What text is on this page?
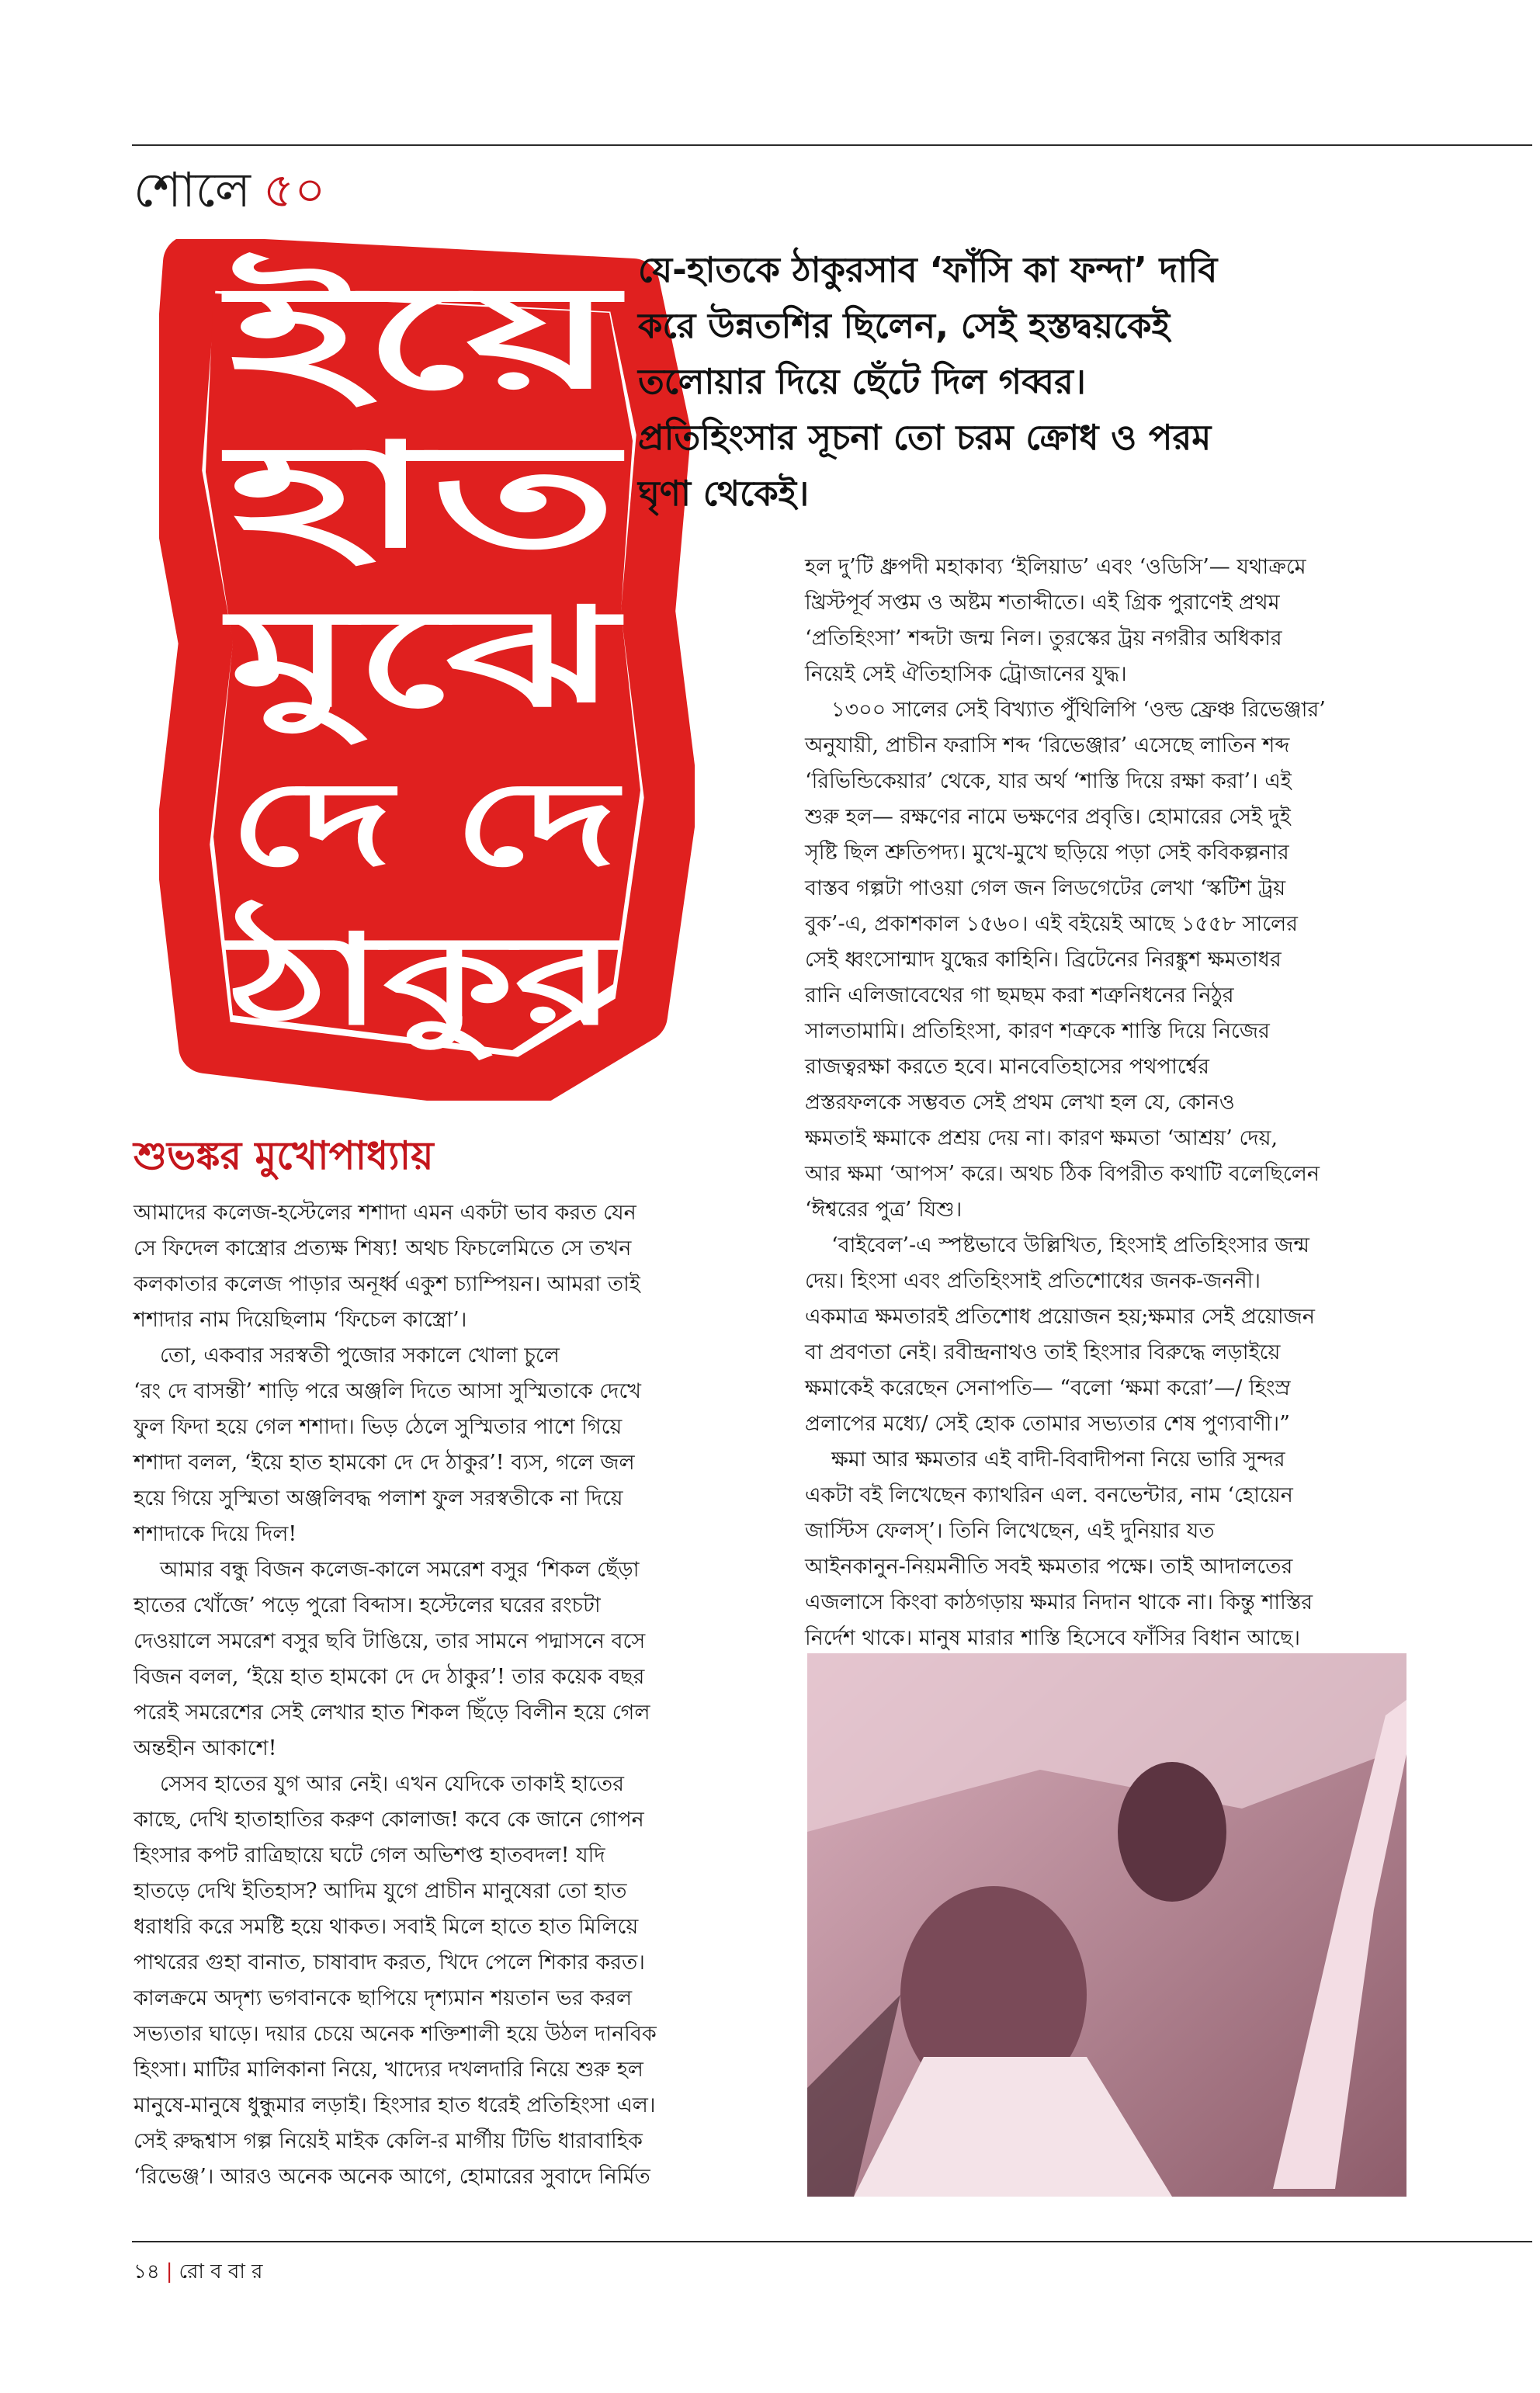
শোলে ৫০
ইয়ে
হাত
মুঝে
দে দে
ঠাকুর

যে-হাতকে ঠাকুরসাব ‘ফাঁসি কা ফন্দা’ দাবি

করে উন্নতশির ছিলেন, সেই হস্তদ্বয়কেই

তলোয়ার দিয়ে ছেঁটে দিল গব্বর।

প্রতিহিংসার সূচনা তো চরম ক্রোধ ও পরম

ঘৃণা থেকেই।

শুভঙ্কর মুখোপাধ্যায়

আমাদের কলেজ-হস্টেলের শশাদা এমন একটা ভাব করত যেন

সে ফিদেল কাস্ত্রোর প্রত্যক্ষ শিষ্য! অথচ ফিচলেমিতে সে তখন

কলকাতার কলেজ পাড়ার অনূর্ধ্ব একুশ চ্যাম্পিয়ন। আমরা তাই

শশাদার নাম দিয়েছিলাম ‘ফিচেল কাস্ত্রো’।

তো, একবার সরস্বতী পুজোর সকালে খোলা চুলে

‘রং দে বাসন্তী’ শাড়ি পরে অঞ্জলি দিতে আসা সুস্মিতাকে দেখে

ফুল ফিদা হয়ে গেল শশাদা। ভিড় ঠেলে সুস্মিতার পাশে গিয়ে

শশাদা বলল, ‘ইয়ে হাত হামকো দে দে ঠাকুর’! ব্যস, গলে জল

হয়ে গিয়ে সুস্মিতা অঞ্জলিবদ্ধ পলাশ ফুল সরস্বতীকে না দিয়ে

শশাদাকে দিয়ে দিল!

আমার বন্ধু বিজন কলেজ-কালে সমরেশ বসুর ‘শিকল ছেঁড়া

হাতের খোঁজে’ পড়ে পুরো বিব্দাস। হস্টেলের ঘরের রংচটা

দেওয়ালে সমরেশ বসুর ছবি টাঙিয়ে, তার সামনে পদ্মাসনে বসে

বিজন বলল, ‘ইয়ে হাত হামকো দে দে ঠাকুর’! তার কয়েক বছর

পরেই সমরেশের সেই লেখার হাত শিকল ছিঁড়ে বিলীন হয়ে গেল

অন্তহীন আকাশে!

সেসব হাতের যুগ আর নেই। এখন যেদিকে তাকাই হাতের

কাছে, দেখি হাতাহাতির করুণ কোলাজ! কবে কে জানে গোপন

হিংসার কপট রাত্রিছায়ে ঘটে গেল অভিশপ্ত হাতবদল! যদি

হাতড়ে দেখি ইতিহাস? আদিম যুগে প্রাচীন মানুষেরা তো হাত

ধরাধরি করে সমষ্টি হয়ে থাকত। সবাই মিলে হাতে হাত মিলিয়ে

পাথরের গুহা বানাত, চাষাবাদ করত, খিদে পেলে শিকার করত।

কালক্রমে অদৃশ্য ভগবানকে ছাপিয়ে দৃশ্যমান শয়তান ভর করল

সভ্যতার ঘাড়ে। দয়ার চেয়ে অনেক শক্তিশালী হয়ে উঠল দানবিক

হিংসা। মাটির মালিকানা নিয়ে, খাদ্যের দখলদারি নিয়ে শুরু হল

মানুষে-মানুষে ধুন্ধুমার লড়াই। হিংসার হাত ধরেই প্রতিহিংসা এল।

সেই রুদ্ধশ্বাস গল্প নিয়েই মাইক কেলি-র মার্গীয় টিভি ধারাবাহিক

‘রিভেঞ্জ’। আরও অনেক অনেক আগে, হোমারের সুবাদে নির্মিত

হল দু’টি ধ্রুপদী মহাকাব্য ‘ইলিয়াড’ এবং ‘ওডিসি’— যথাক্রমে

খ্রিস্টপূর্ব সপ্তম ও অষ্টম শতাব্দীতে। এই গ্রিক পুরাণেই প্রথম

‘প্রতিহিংসা’ শব্দটা জন্ম নিল। তুরস্কের ট্রয় নগরীর অধিকার

নিয়েই সেই ঐতিহাসিক ট্রোজানের যুদ্ধ।

১৩০০ সালের সেই বিখ্যাত পুঁথিলিপি ‘ওল্ড ফ্রেঞ্চ রিভেঞ্জার’

অনুযায়ী, প্রাচীন ফরাসি শব্দ ‘রিভেঞ্জার’ এসেছে লাতিন শব্দ

‘রিভিন্ডিকেয়ার’ থেকে, যার অর্থ ‘শাস্তি দিয়ে রক্ষা করা’। এই

শুরু হল— রক্ষণের নামে ভক্ষণের প্রবৃত্তি। হোমারের সেই দুই

সৃষ্টি ছিল শ্রুতিপদ্য। মুখে-মুখে ছড়িয়ে পড়া সেই কবিকল্পনার

বাস্তব গল্পটা পাওয়া গেল জন লিডগেটের লেখা ‘স্কটিশ ট্রয়

বুক’-এ, প্রকাশকাল ১৫৬০। এই বইয়েই আছে ১৫৫৮ সালের

সেই ধ্বংসোন্মাদ যুদ্ধের কাহিনি। ব্রিটেনের নিরঙ্কুশ ক্ষমতাধর

রানি এলিজাবেথের গা ছমছম করা শত্রুনিধনের নিঠুর

সালতামামি। প্রতিহিংসা, কারণ শত্রুকে শাস্তি দিয়ে নিজের

রাজত্বরক্ষা করতে হবে। মানবেতিহাসের পথপার্শ্বের

প্রস্তরফলকে সম্ভবত সেই প্রথম লেখা হল যে, কোনও

ক্ষমতাই ক্ষমাকে প্রশ্রয় দেয় না। কারণ ক্ষমতা ‘আশ্রয়’ দেয়,

আর ক্ষমা ‘আপস’ করে। অথচ ঠিক বিপরীত কথাটি বলেছিলেন

‘ঈশ্বরের পুত্র’ যিশু।

‘বাইবেল’-এ স্পষ্টভাবে উল্লিখিত, হিংসাই প্রতিহিংসার জন্ম

দেয়। হিংসা এবং প্রতিহিংসাই প্রতিশোধের জনক-জননী।

একমাত্র ক্ষমতারই প্রতিশোধ প্রয়োজন হয়;ক্ষমার সেই প্রয়োজন

বা প্রবণতা নেই। রবীন্দ্রনাথও তাই হিংসার বিরুদ্ধে লড়াইয়ে

ক্ষমাকেই করেছেন সেনাপতি— “বলো ‘ক্ষমা করো’—/ হিংস্র

প্রলাপের মধ্যে/ সেই হোক তোমার সভ্যতার শেষ পুণ্যবাণী।”

ক্ষমা আর ক্ষমতার এই বাদী-বিবাদীপনা নিয়ে ভারি সুন্দর

একটা বই লিখেছেন ক্যাথরিন এল. বনভেন্টার, নাম ‘হোয়েন

জাস্টিস ফেলস্’। তিনি লিখেছেন, এই দুনিয়ার যত

আইনকানুন-নিয়মনীতি সবই ক্ষমতার পক্ষে। তাই আদালতের

এজলাসে কিংবা কাঠগড়ায় ক্ষমার নিদান থাকে না। কিন্তু শাস্তির

নির্দেশ থাকে। মানুষ মারার শাস্তি হিসেবে ফাঁসির বিধান আছে।

১৪ | রো ব বা র
